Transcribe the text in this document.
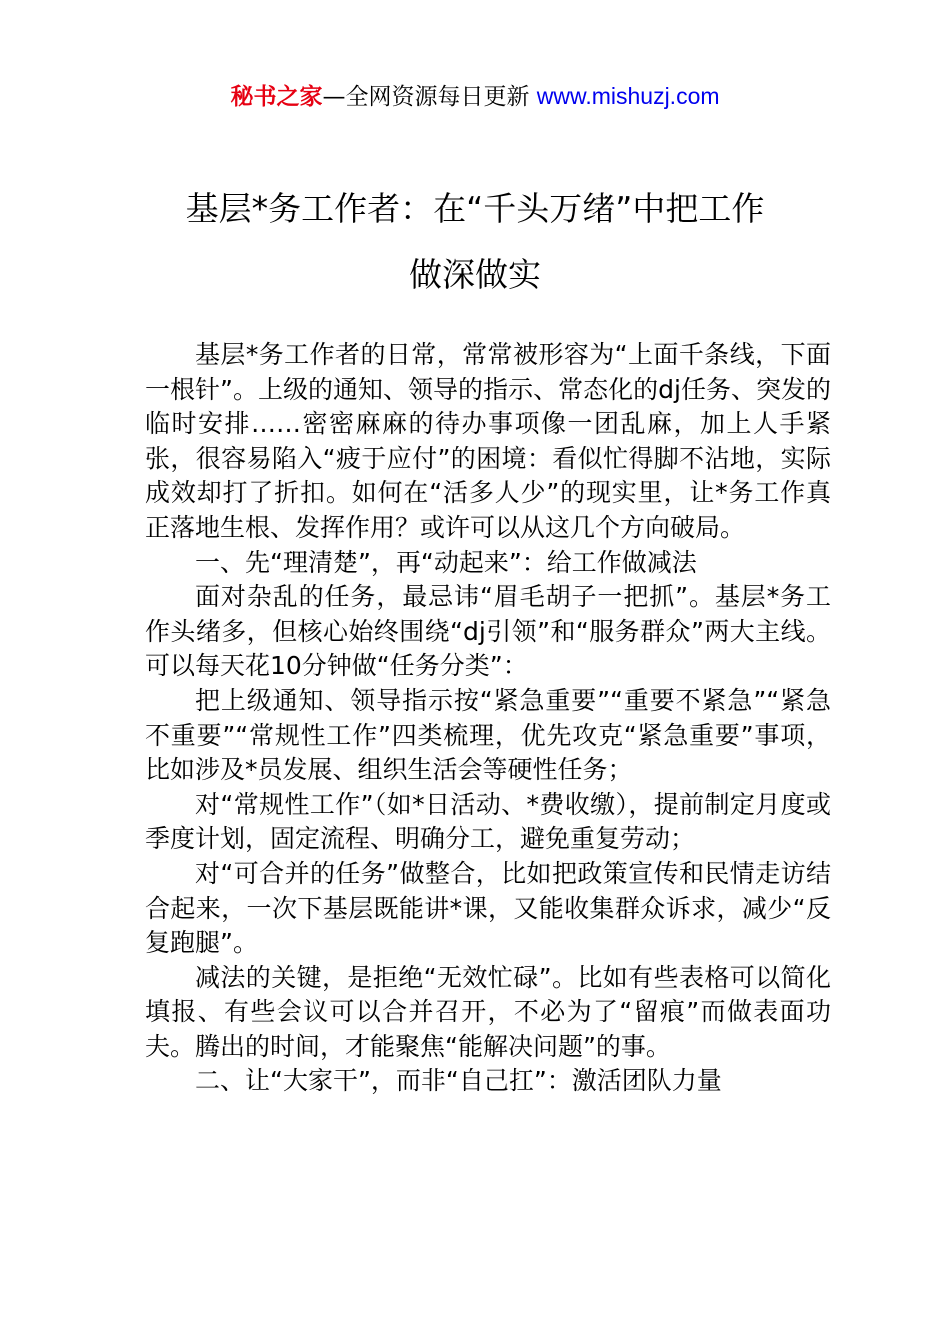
秘书之家—全网资源每日更新 www.mishuzj.com
基层*务工作者：在“千头万绪”中把工作
做深做实

基层*务工作者的日常，常常被形容为“上面千条线，下面一根针”。上级的通知、领导的指示、常态化的dj任务、突发的临时安排……密密麻麻的待办事项像一团乱麻，加上人手紧张，很容易陷入“疲于应付”的困境：看似忙得脚不沾地，实际成效却打了折扣。如何在“活多人少”的现实里，让*务工作真正落地生根、发挥作用？或许可以从这几个方向破局。

一、先“理清楚”，再“动起来”：给工作做减法

面对杂乱的任务，最忌讳“眉毛胡子一把抓”。基层*务工作头绪多，但核心始终围绕“dj引领”和“服务群众”两大主线。可以每天花10分钟做“任务分类”：

把上级通知、领导指示按“紧急重要”“重要不紧急”“紧急不重要”“常规性工作”四类梳理，优先攻克“紧急重要”事项，比如涉及*员发展、组织生活会等硬性任务；

对“常规性工作”（如*日活动、*费收缴），提前制定月度或季度计划，固定流程、明确分工，避免重复劳动；

对“可合并的任务”做整合，比如把政策宣传和民情走访结合起来，一次下基层既能讲*课，又能收集群众诉求，减少“反复跑腿”。

减法的关键，是拒绝“无效忙碌”。比如有些表格可以简化填报、有些会议可以合并召开，不必为了“留痕”而做表面功夫。腾出的时间，才能聚焦“能解决问题”的事。

二、让“大家干”，而非“自己扛”：激活团队力量
